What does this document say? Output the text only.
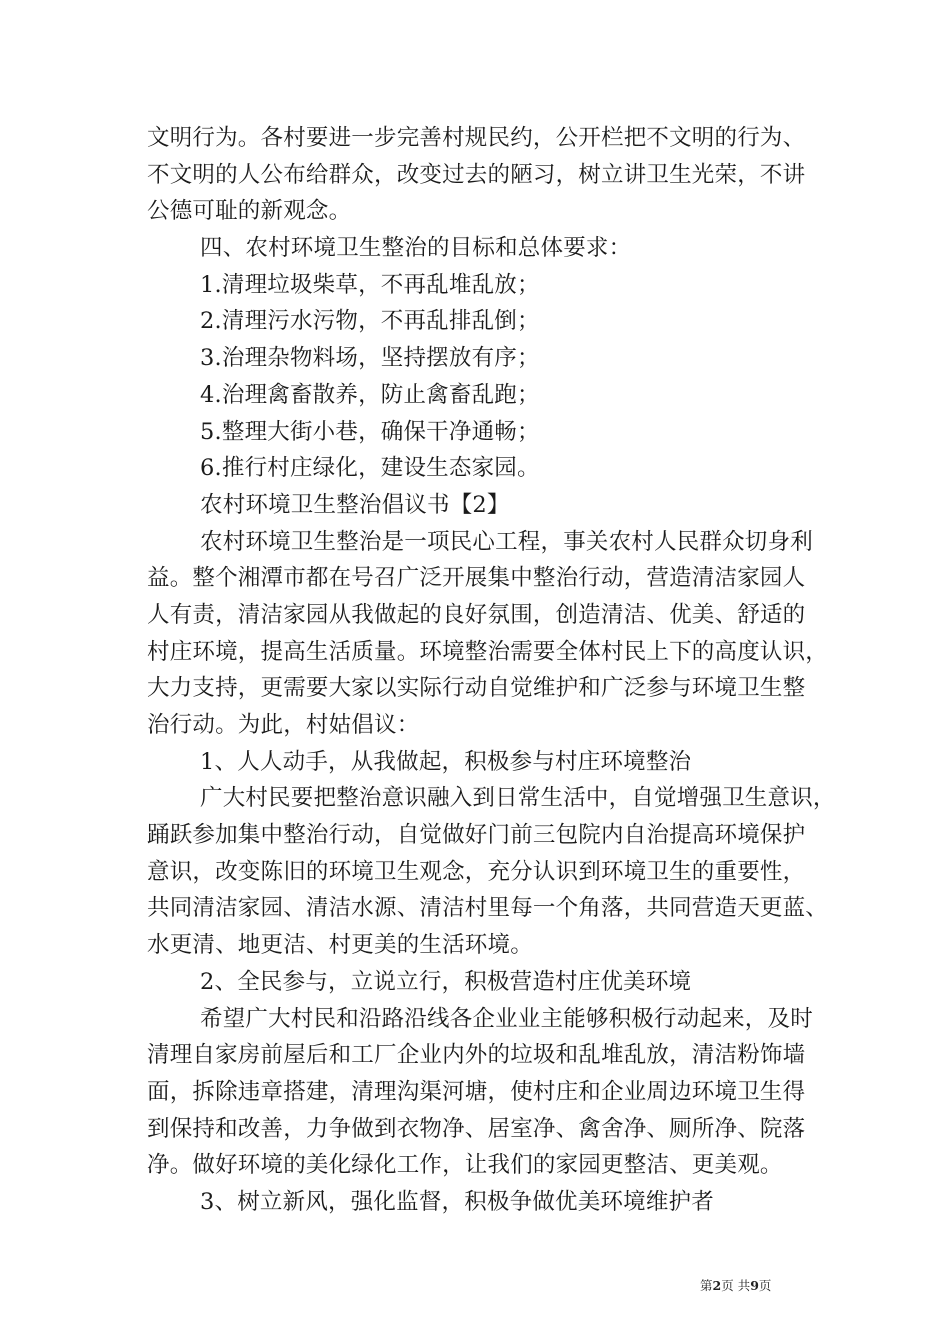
文明行为。各村要进一步完善村规民约，公开栏把不文明的行为、
不文明的人公布给群众，改变过去的陋习，树立讲卫生光荣，不讲
公德可耻的新观念。
四、农村环境卫生整治的目标和总体要求：
1.清理垃圾柴草，不再乱堆乱放；
2.清理污水污物，不再乱排乱倒；
3.治理杂物料场，坚持摆放有序；
4.治理禽畜散养，防止禽畜乱跑；
5.整理大街小巷，确保干净通畅；
6.推行村庄绿化，建设生态家园。
农村环境卫生整治倡议书【2】
农村环境卫生整治是一项民心工程，事关农村人民群众切身利
益。整个湘潭市都在号召广泛开展集中整治行动，营造清洁家园人
人有责，清洁家园从我做起的良好氛围，创造清洁、优美、舒适的
村庄环境，提高生活质量。环境整治需要全体村民上下的高度认识，
大力支持，更需要大家以实际行动自觉维护和广泛参与环境卫生整
治行动。为此，村姑倡议：
1、人人动手，从我做起，积极参与村庄环境整治
广大村民要把整治意识融入到日常生活中，自觉增强卫生意识，
踊跃参加集中整治行动，自觉做好门前三包院内自治提高环境保护
意识，改变陈旧的环境卫生观念，充分认识到环境卫生的重要性，
共同清洁家园、清洁水源、清洁村里每一个角落，共同营造天更蓝、
水更清、地更洁、村更美的生活环境。
2、全民参与，立说立行，积极营造村庄优美环境
希望广大村民和沿路沿线各企业业主能够积极行动起来，及时
清理自家房前屋后和工厂企业内外的垃圾和乱堆乱放，清洁粉饰墙
面，拆除违章搭建，清理沟渠河塘，使村庄和企业周边环境卫生得
到保持和改善，力争做到衣物净、居室净、禽舍净、厕所净、院落
净。做好环境的美化绿化工作，让我们的家园更整洁、更美观。
3、树立新风，强化监督，积极争做优美环境维护者
第2页 共9页
